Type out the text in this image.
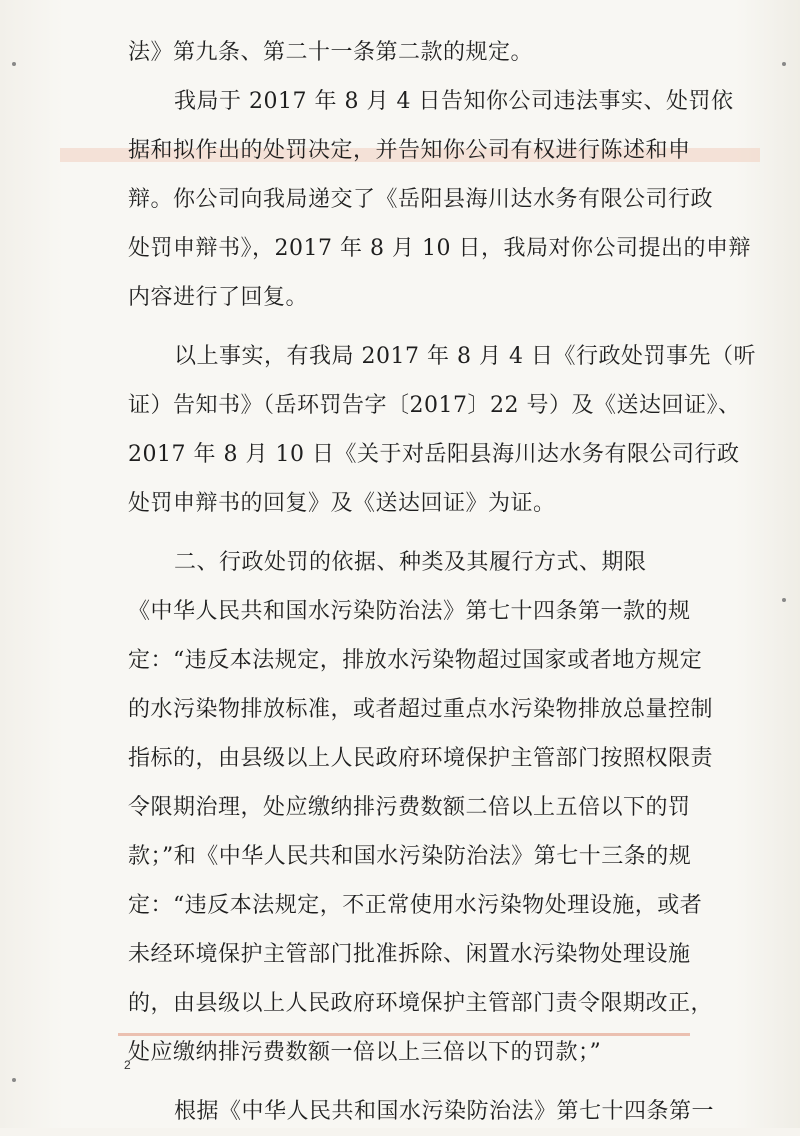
法》第九条、第二十一条第二款的规定。
我局于 2017 年 8 月 4 日告知你公司违法事实、处罚依
据和拟作出的处罚决定，并告知你公司有权进行陈述和申
辩。你公司向我局递交了《岳阳县海川达水务有限公司行政
处罚申辩书》，2017 年 8 月 10 日，我局对你公司提出的申辩
内容进行了回复。
以上事实，有我局 2017 年 8 月 4 日《行政处罚事先（听
证）告知书》（岳环罚告字〔2017〕22 号）及《送达回证》、
2017 年 8 月 10 日《关于对岳阳县海川达水务有限公司行政
处罚申辩书的回复》及《送达回证》为证。
二、行政处罚的依据、种类及其履行方式、期限
《中华人民共和国水污染防治法》第七十四条第一款的规
定：“违反本法规定，排放水污染物超过国家或者地方规定
的水污染物排放标准，或者超过重点水污染物排放总量控制
指标的，由县级以上人民政府环境保护主管部门按照权限责
令限期治理，处应缴纳排污费数额二倍以上五倍以下的罚
款；”和《中华人民共和国水污染防治法》第七十三条的规
定：“违反本法规定，不正常使用水污染物处理设施，或者
未经环境保护主管部门批准拆除、闲置水污染物处理设施
的，由县级以上人民政府环境保护主管部门责令限期改正，
处应缴纳排污费数额一倍以上三倍以下的罚款；”
根据《中华人民共和国水污染防治法》第七十四条第一
2
